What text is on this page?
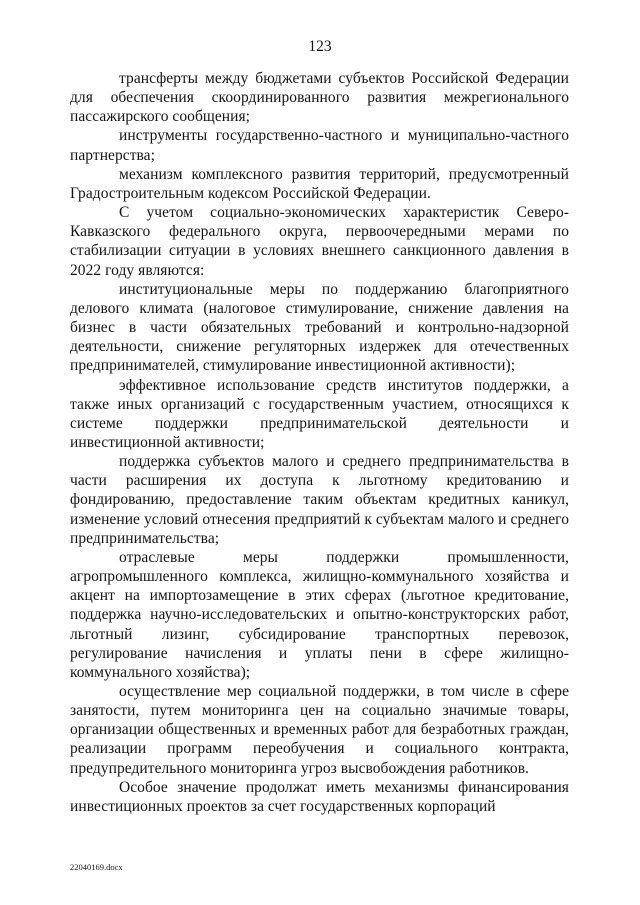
123

трансферты между бюджетами субъектов Российской Федерации для обеспечения скоординированного развития межрегионального пассажирского сообщения;

инструменты государственно-частного и муниципально-частного партнерства;

механизм комплексного развития территорий, предусмотренный Градостроительным кодексом Российской Федерации.

С учетом социально-экономических характеристик Северо-Кавказского федерального округа, первоочередными мерами по стабилизации ситуации в условиях внешнего санкционного давления в 2022 году являются:

институциональные меры по поддержанию благоприятного делового климата (налоговое стимулирование, снижение давления на бизнес в части обязательных требований и контрольно-надзорной деятельности, снижение регуляторных издержек для отечественных предпринимателей, стимулирование инвестиционной активности);

эффективное использование средств институтов поддержки, а также иных организаций с государственным участием, относящихся к системе поддержки предпринимательской деятельности и инвестиционной активности;

поддержка субъектов малого и среднего предпринимательства в части расширения их доступа к льготному кредитованию и фондированию, предоставление таким объектам кредитных каникул, изменение условий отнесения предприятий к субъектам малого и среднего предпринимательства;

отраслевые меры поддержки промышленности, агропромышленного комплекса, жилищно-коммунального хозяйства и акцент на импортозамещение в этих сферах (льготное кредитование, поддержка научно-исследовательских и опытно-конструкторских работ, льготный лизинг, субсидирование транспортных перевозок, регулирование начисления и уплаты пени в сфере жилищно-коммунального хозяйства);

осуществление мер социальной поддержки, в том числе в сфере занятости, путем мониторинга цен на социально значимые товары, организации общественных и временных работ для безработных граждан, реализации программ переобучения и социального контракта, предупредительного мониторинга угроз высвобождения работников.

Особое значение продолжат иметь механизмы финансирования инвестиционных проектов за счет государственных корпораций

22040169.docx
